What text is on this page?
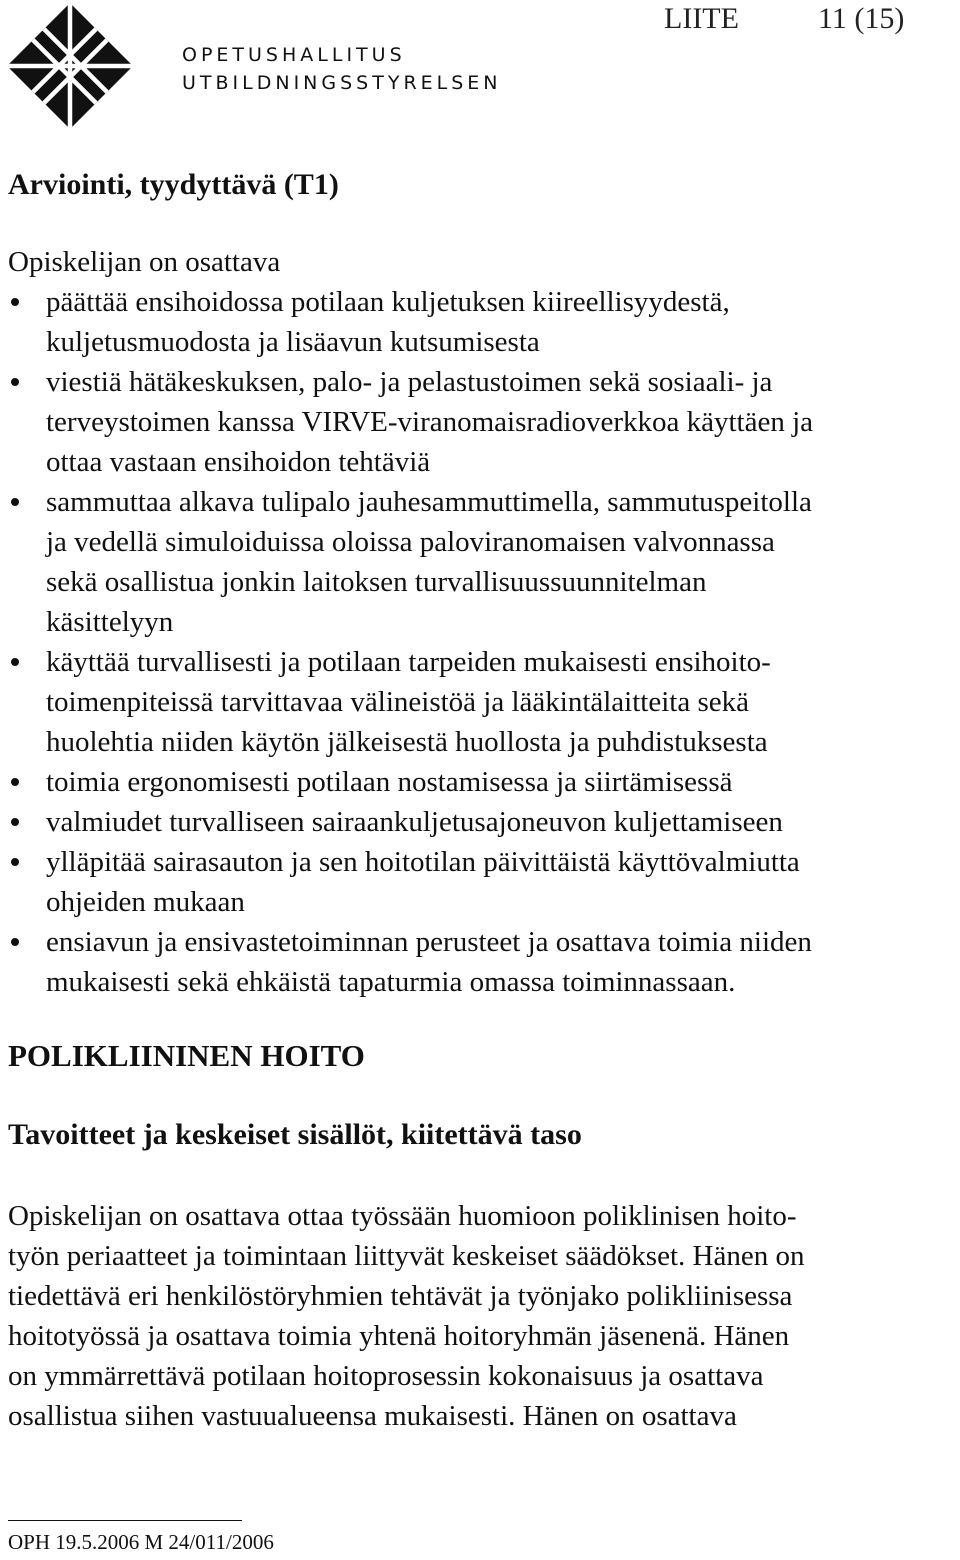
OPETUSHALLITUS
UTBILDNINGSSTYRELSEN
LIITE	11 (15)
Arviointi, tyydyttävä (T1)
Opiskelijan on osattava
päättää ensihoidossa potilaan kuljetuksen kiireellisyydestä,
kuljetusmuodosta ja lisäavun kutsumisesta
viestiä hätäkeskuksen, palo- ja pelastustoimen sekä sosiaali- ja
terveystoimen kanssa VIRVE-viranomaisradioverkkoa käyttäen ja
ottaa vastaan ensihoidon tehtäviä
sammuttaa alkava tulipalo jauhesammuttimella, sammutuspeitolla
ja vedellä simuloiduissa oloissa paloviranomaisen valvonnassa
sekä osallistua jonkin laitoksen turvallisuussuunnitelman
käsittelyyn
käyttää turvallisesti ja potilaan tarpeiden mukaisesti ensihoito-
toimenpiteissä tarvittavaa välineistöä ja lääkintälaitteita sekä
huolehtia niiden käytön jälkeisestä huollosta ja puhdistuksesta
toimia ergonomisesti potilaan nostamisessa ja siirtämisessä
valmiudet turvalliseen sairaankuljetusajoneuvon kuljettamiseen
ylläpitää sairasauton ja sen hoitotilan päivittäistä käyttövalmiutta
ohjeiden mukaan
ensiavun ja ensivastetoiminnan perusteet ja osattava toimia niiden
mukaisesti sekä ehkäistä tapaturmia omassa toiminnassaan.
POLIKLIININEN HOITO
Tavoitteet ja keskeiset sisällöt, kiitettävä taso
Opiskelijan on osattava ottaa työssään huomioon poliklinisen hoito-
työn periaatteet ja toimintaan liittyvät keskeiset säädökset. Hänen on
tiedettävä eri henkilöstöryhmien tehtävät ja työnjako polikliinisessa
hoitotyössä ja osattava toimia yhtenä hoitoryhmän jäsenenä. Hänen
on ymmärrettävä potilaan hoitoprosessin kokonaisuus ja osattava
osallistua siihen vastuualueensa mukaisesti. Hänen on osattava
OPH 19.5.2006 M 24/011/2006
